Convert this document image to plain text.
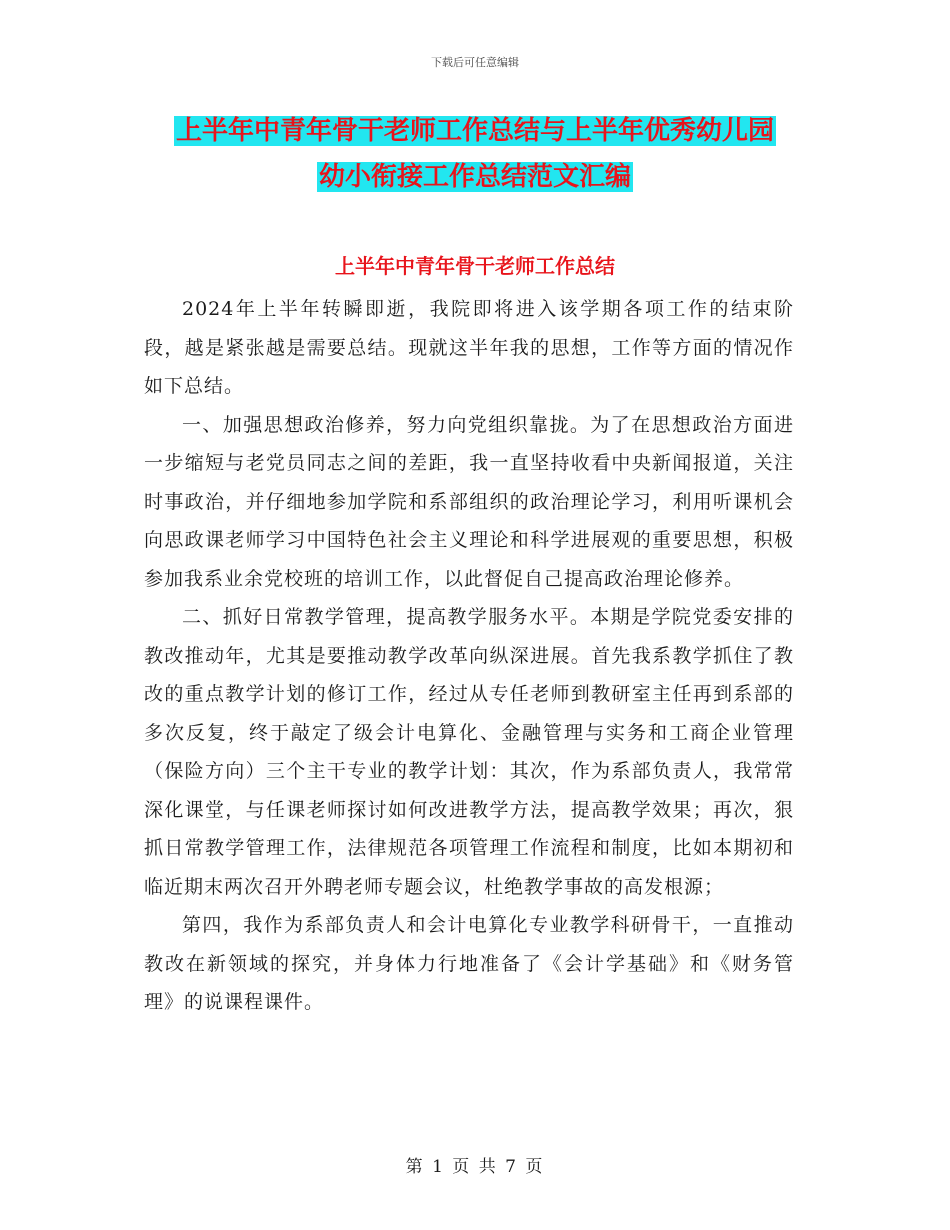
下载后可任意编辑
上半年中青年骨干老师工作总结与上半年优秀幼儿园
幼小衔接工作总结范文汇编
上半年中青年骨干老师工作总结

2024年上半年转瞬即逝，我院即将进入该学期各项工作的结束阶段，越是紧张越是需要总结。现就这半年我的思想，工作等方面的情况作如下总结。

一、加强思想政治修养，努力向党组织靠拢。为了在思想政治方面进一步缩短与老党员同志之间的差距，我一直坚持收看中央新闻报道，关注时事政治，并仔细地参加学院和系部组织的政治理论学习，利用听课机会向思政课老师学习中国特色社会主义理论和科学进展观的重要思想，积极参加我系业余党校班的培训工作，以此督促自己提高政治理论修养。

二、抓好日常教学管理，提高教学服务水平。本期是学院党委安排的教改推动年，尤其是要推动教学改革向纵深进展。首先我系教学抓住了教改的重点教学计划的修订工作，经过从专任老师到教研室主任再到系部的多次反复，终于敲定了级会计电算化、金融管理与实务和工商企业管理（保险方向）三个主干专业的教学计划：其次，作为系部负责人，我常常深化课堂，与任课老师探讨如何改进教学方法，提高教学效果；再次，狠抓日常教学管理工作，法律规范各项管理工作流程和制度，比如本期初和临近期末两次召开外聘老师专题会议，杜绝教学事故的高发根源；

第四，我作为系部负责人和会计电算化专业教学科研骨干，一直推动教改在新领域的探究，并身体力行地准备了《会计学基础》和《财务管理》的说课程课件。

第 1 页 共 7 页
